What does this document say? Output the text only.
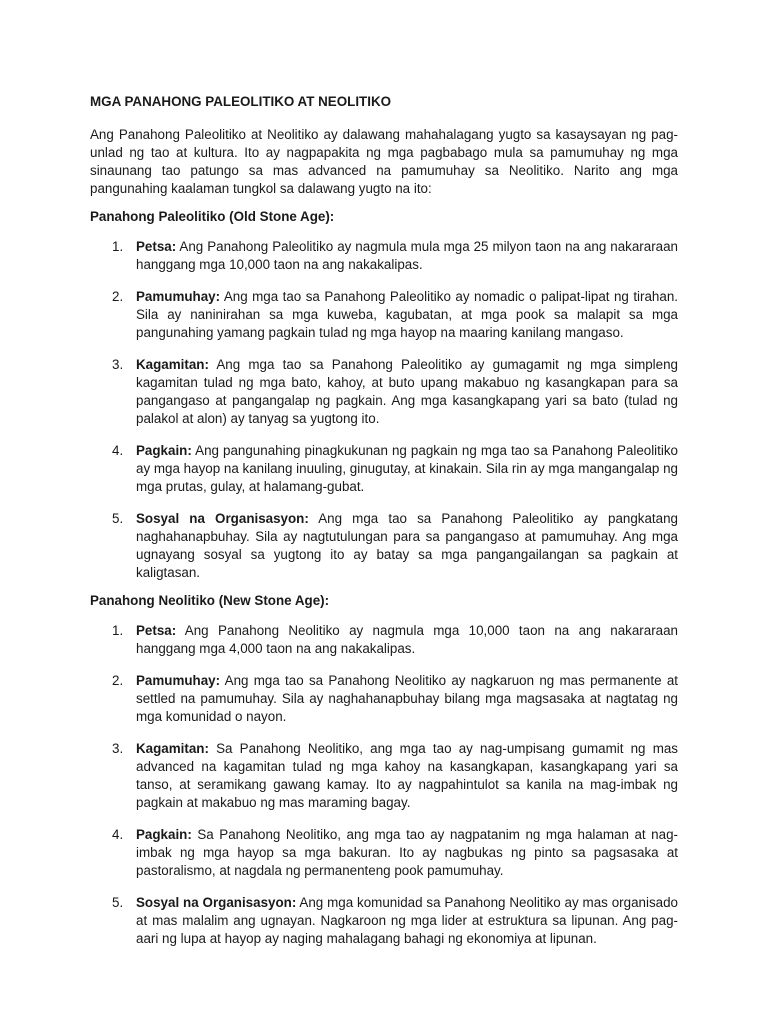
MGA PANAHONG PALEOLITIKO AT NEOLITIKO

Ang Panahong Paleolitiko at Neolitiko ay dalawang mahahalagang yugto sa kasaysayan ng pag-unlad ng tao at kultura. Ito ay nagpapakita ng mga pagbabago mula sa pamumuhay ng mga sinaunang tao patungo sa mas advanced na pamumuhay sa Neolitiko. Narito ang mga pangunahing kaalaman tungkol sa dalawang yugto na ito:

Panahong Paleolitiko (Old Stone Age):
1. Petsa: Ang Panahong Paleolitiko ay nagmula mula mga 25 milyon taon na ang nakararaan hanggang mga 10,000 taon na ang nakakalipas.
2. Pamumuhay: Ang mga tao sa Panahong Paleolitiko ay nomadic o palipat-lipat ng tirahan. Sila ay naninirahan sa mga kuweba, kagubatan, at mga pook sa malapit sa mga pangunahing yamang pagkain tulad ng mga hayop na maaring kanilang mangaso.
3. Kagamitan: Ang mga tao sa Panahong Paleolitiko ay gumagamit ng mga simpleng kagamitan tulad ng mga bato, kahoy, at buto upang makabuo ng kasangkapan para sa pangangaso at pangangalap ng pagkain. Ang mga kasangkapang yari sa bato (tulad ng palakol at alon) ay tanyag sa yugtong ito.
4. Pagkain: Ang pangunahing pinagkukunan ng pagkain ng mga tao sa Panahong Paleolitiko ay mga hayop na kanilang inuuling, ginugutay, at kinakain. Sila rin ay mga mangangalap ng mga prutas, gulay, at halamang-gubat.
5. Sosyal na Organisasyon: Ang mga tao sa Panahong Paleolitiko ay pangkatang naghahanapbuhay. Sila ay nagtutulungan para sa pangangaso at pamumuhay. Ang mga ugnayang sosyal sa yugtong ito ay batay sa mga pangangailangan sa pagkain at kaligtasan.
Panahong Neolitiko (New Stone Age):
1. Petsa: Ang Panahong Neolitiko ay nagmula mga 10,000 taon na ang nakararaan hanggang mga 4,000 taon na ang nakakalipas.
2. Pamumuhay: Ang mga tao sa Panahong Neolitiko ay nagkaruon ng mas permanente at settled na pamumuhay. Sila ay naghahanapbuhay bilang mga magsasaka at nagtatag ng mga komunidad o nayon.
3. Kagamitan: Sa Panahong Neolitiko, ang mga tao ay nag-umpisang gumamit ng mas advanced na kagamitan tulad ng mga kahoy na kasangkapan, kasangkapang yari sa tanso, at seramikang gawang kamay. Ito ay nagpahintulot sa kanila na mag-imbak ng pagkain at makabuo ng mas maraming bagay.
4. Pagkain: Sa Panahong Neolitiko, ang mga tao ay nagpatanim ng mga halaman at nag-imbak ng mga hayop sa mga bakuran. Ito ay nagbukas ng pinto sa pagsasaka at pastoralismo, at nagdala ng permanenteng pook pamumuhay.
5. Sosyal na Organisasyon: Ang mga komunidad sa Panahong Neolitiko ay mas organisado at mas malalim ang ugnayan. Nagkaroon ng mga lider at estruktura sa lipunan. Ang pag-aari ng lupa at hayop ay naging mahalagang bahagi ng ekonomiya at lipunan.
